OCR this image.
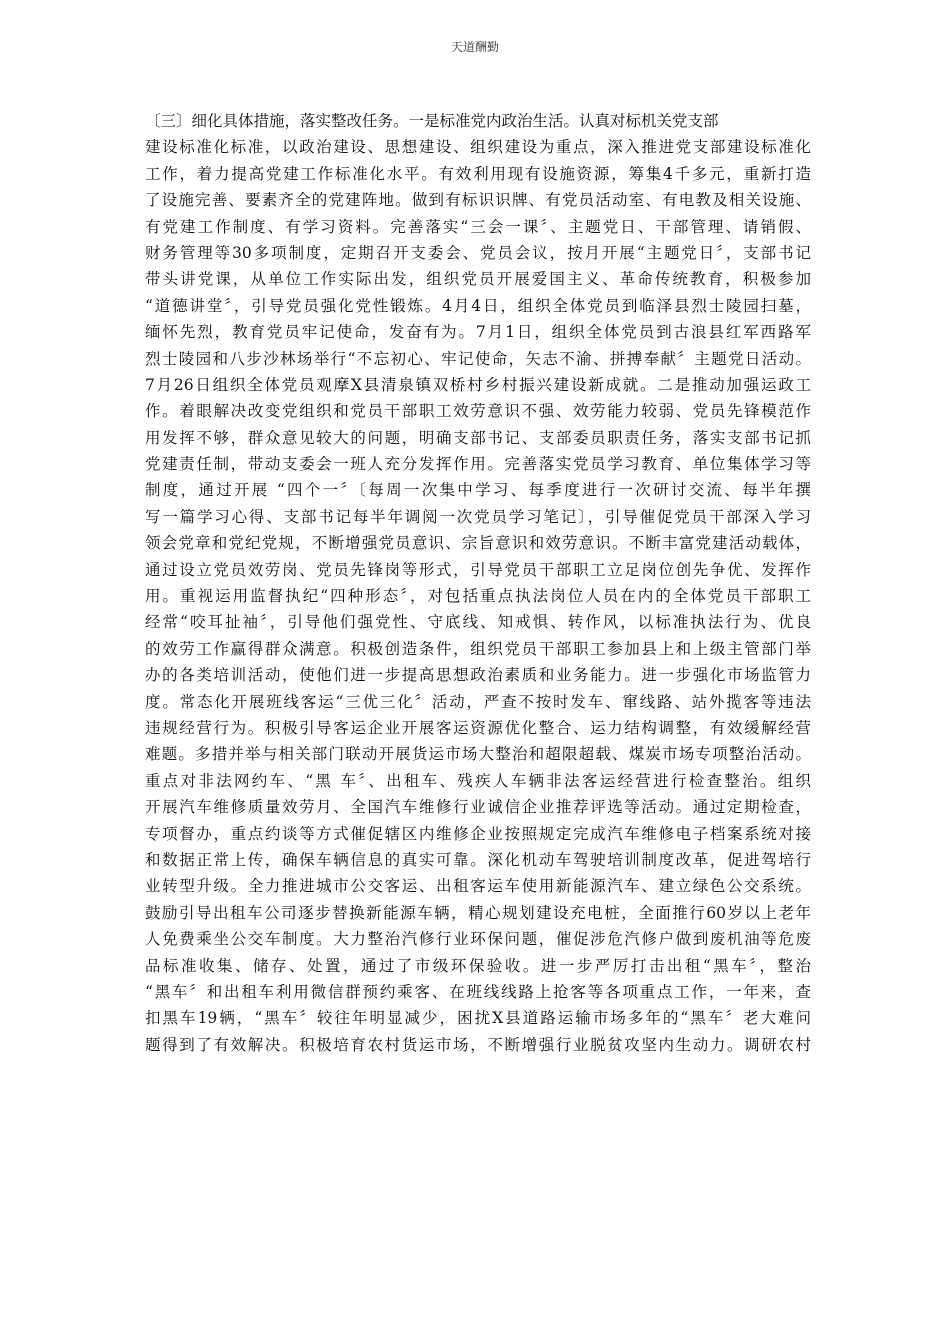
天道酬勤
〔三〕细化具体措施，落实整改任务。一是标准党内政治生活。认真对标机关党支部
建设标准化标准，以政治建设、思想建设、组织建设为重点，深入推进党支部建设标准化
工作，着力提高党建工作标准化水平。有效利用现有设施资源，筹集4千多元，重新打造
了设施完善、要素齐全的党建阵地。做到有标识识牌、有党员活动室、有电教及相关设施、
有党建工作制度、有学习资料。完善落实“三会一课〞、主题党日、干部管理、请销假、
财务管理等30多项制度，定期召开支委会、党员会议，按月开展“主题党日〞，支部书记
带头讲党课，从单位工作实际出发，组织党员开展爱国主义、革命传统教育，积极参加
“道德讲堂〞，引导党员强化党性锻炼。4月4日，组织全体党员到临泽县烈士陵园扫墓，
缅怀先烈，教育党员牢记使命，发奋有为。7月1日，组织全体党员到古浪县红军西路军
烈士陵园和八步沙林场举行“不忘初心、牢记使命，矢志不渝、拼搏奉献〞主题党日活动。
7月26日组织全体党员观摩X县清泉镇双桥村乡村振兴建设新成就。二是推动加强运政工
作。着眼解决改变党组织和党员干部职工效劳意识不强、效劳能力较弱、党员先锋模范作
用发挥不够，群众意见较大的问题，明确支部书记、支部委员职责任务，落实支部书记抓
党建责任制，带动支委会一班人充分发挥作用。完善落实党员学习教育、单位集体学习等
制度，通过开展 “四个一〞〔每周一次集中学习、每季度进行一次研讨交流、每半年撰
写一篇学习心得、支部书记每半年调阅一次党员学习笔记〕，引导催促党员干部深入学习
领会党章和党纪党规，不断增强党员意识、宗旨意识和效劳意识。不断丰富党建活动载体，
通过设立党员效劳岗、党员先锋岗等形式，引导党员干部职工立足岗位创先争优、发挥作
用。重视运用监督执纪“四种形态〞，对包括重点执法岗位人员在内的全体党员干部职工
经常“咬耳扯袖〞，引导他们强党性、守底线、知戒惧、转作风，以标准执法行为、优良
的效劳工作赢得群众满意。积极创造条件，组织党员干部职工参加县上和上级主管部门举
办的各类培训活动，使他们进一步提高思想政治素质和业务能力。进一步强化市场监管力
度。常态化开展班线客运“三优三化〞活动，严查不按时发车、窜线路、站外揽客等违法
违规经营行为。积极引导客运企业开展客运资源优化整合、运力结构调整，有效缓解经营
难题。多措并举与相关部门联动开展货运市场大整治和超限超载、煤炭市场专项整治活动。
重点对非法网约车、“黑 车〞、出租车、残疾人车辆非法客运经营进行检查整治。组织
开展汽车维修质量效劳月、全国汽车维修行业诚信企业推荐评选等活动。通过定期检查，
专项督办，重点约谈等方式催促辖区内维修企业按照规定完成汽车维修电子档案系统对接
和数据正常上传，确保车辆信息的真实可靠。深化机动车驾驶培训制度改革，促进驾培行
业转型升级。全力推进城市公交客运、出租客运车使用新能源汽车、建立绿色公交系统。
鼓励引导出租车公司逐步替换新能源车辆，精心规划建设充电桩，全面推行60岁以上老年
人免费乘坐公交车制度。大力整治汽修行业环保问题，催促涉危汽修户做到废机油等危废
品标准收集、储存、处置，通过了市级环保验收。进一步严厉打击出租“黑车〞，整治
“黑车〞和出租车利用微信群预约乘客、在班线线路上抢客等各项重点工作，一年来，查
扣黑车19辆，“黑车〞较往年明显减少，困扰X县道路运输市场多年的“黑车〞老大难问
题得到了有效解决。积极培育农村货运市场，不断增强行业脱贫攻坚内生动力。调研农村
